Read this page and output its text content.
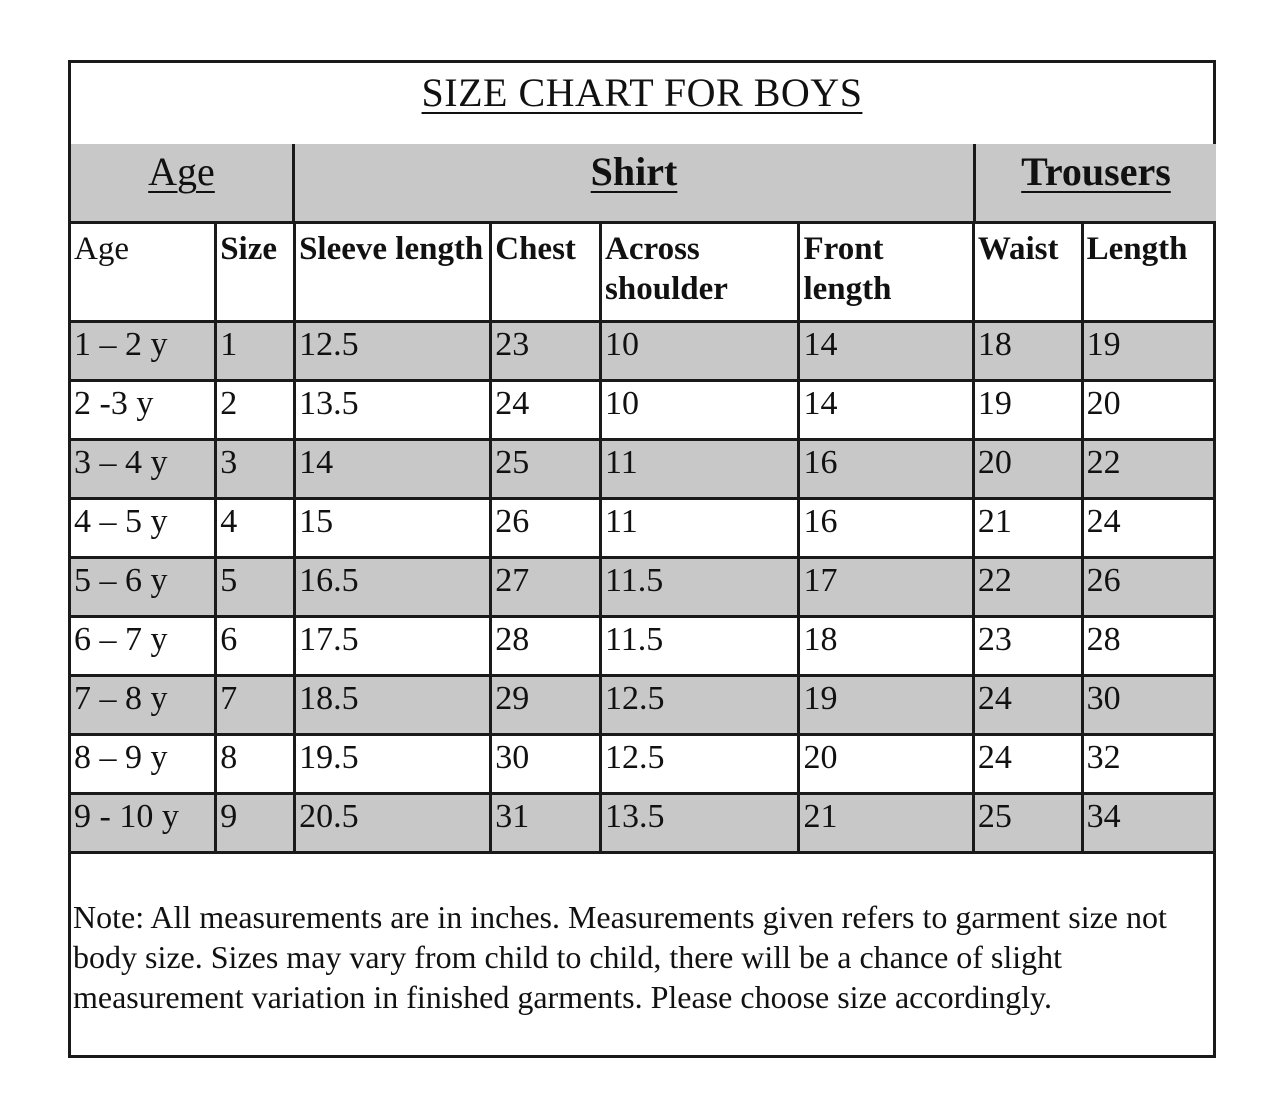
SIZE CHART FOR BOYS
Age	Shirt	Trousers
Age	Size	Sleeve length	Chest	Across shoulder	Front length	Waist	Length
1 – 2 y	1	12.5	23	10	14	18	19
2 -3 y	2	13.5	24	10	14	19	20
3 – 4 y	3	14	25	11	16	20	22
4 – 5 y	4	15	26	11	16	21	24
5 – 6 y	5	16.5	27	11.5	17	22	26
6 – 7 y	6	17.5	28	11.5	18	23	28
7 – 8 y	7	18.5	29	12.5	19	24	30
8 – 9 y	8	19.5	30	12.5	20	24	32
9 - 10 y	9	20.5	31	13.5	21	25	34
Note: All measurements are in inches. Measurements given refers to garment size not body size. Sizes may vary from child to child, there will be a chance of slight measurement variation in finished garments. Please choose size accordingly.
